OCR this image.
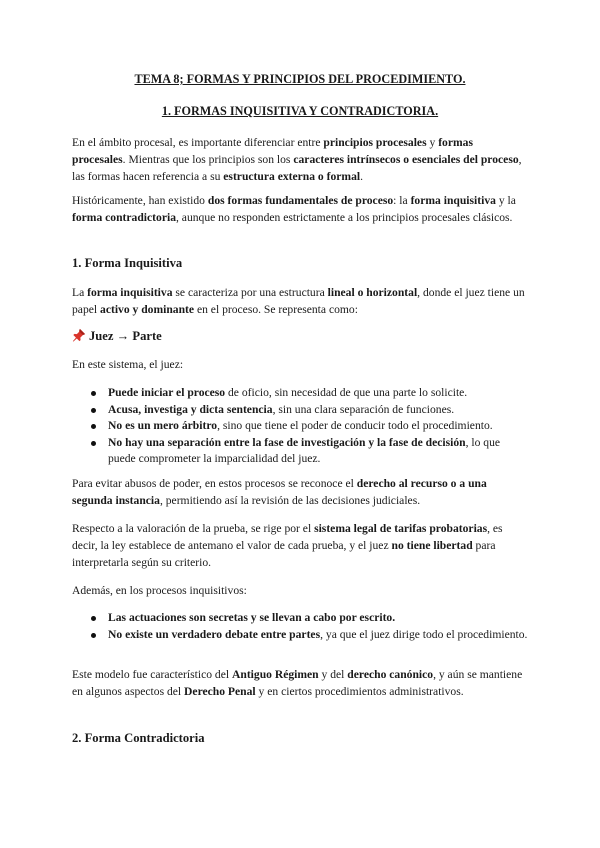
TEMA 8; FORMAS Y PRINCIPIOS DEL PROCEDIMIENTO.
1. FORMAS INQUISITIVA Y CONTRADICTORIA.
En el ámbito procesal, es importante diferenciar entre principios procesales y formas procesales. Mientras que los principios son los caracteres intrínsecos o esenciales del proceso, las formas hacen referencia a su estructura externa o formal.
Históricamente, han existido dos formas fundamentales de proceso: la forma inquisitiva y la forma contradictoria, aunque no responden estrictamente a los principios procesales clásicos.
1. Forma Inquisitiva
La forma inquisitiva se caracteriza por una estructura lineal o horizontal, donde el juez tiene un papel activo y dominante en el proceso. Se representa como:
Juez → Parte
En este sistema, el juez:
Puede iniciar el proceso de oficio, sin necesidad de que una parte lo solicite.
Acusa, investiga y dicta sentencia, sin una clara separación de funciones.
No es un mero árbitro, sino que tiene el poder de conducir todo el procedimiento.
No hay una separación entre la fase de investigación y la fase de decisión, lo que puede comprometer la imparcialidad del juez.
Para evitar abusos de poder, en estos procesos se reconoce el derecho al recurso o a una segunda instancia, permitiendo así la revisión de las decisiones judiciales.
Respecto a la valoración de la prueba, se rige por el sistema legal de tarifas probatorias, es decir, la ley establece de antemano el valor de cada prueba, y el juez no tiene libertad para interpretarla según su criterio.
Además, en los procesos inquisitivos:
Las actuaciones son secretas y se llevan a cabo por escrito.
No existe un verdadero debate entre partes, ya que el juez dirige todo el procedimiento.
Este modelo fue característico del Antiguo Régimen y del derecho canónico, y aún se mantiene en algunos aspectos del Derecho Penal y en ciertos procedimientos administrativos.
2. Forma Contradictoria
